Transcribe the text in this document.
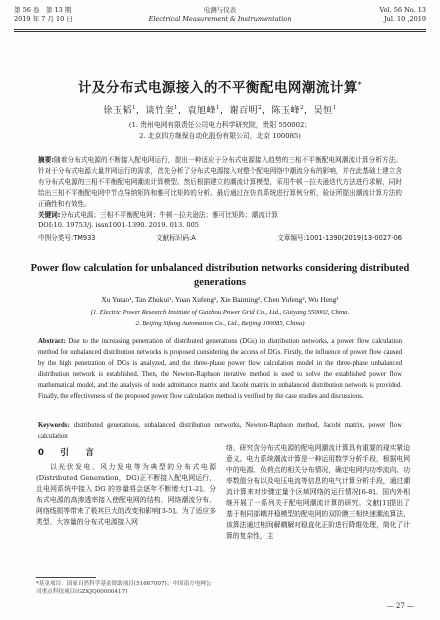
第 56 卷　第 13 期
2019 年 7 月 10 日
电测与仪表
Electrical Measurement & Instrumentation
Vol. 56 No. 13
Jul. 10 ,2019
计及分布式电源接入的不平衡配电网潮流计算*
徐玉韬$^1$，谈竹奎$^1$，袁旭峰$^1$，谢百明$^2$，陈玉峰$^2$，吴恒$^1$
(1. 贵州电网有限责任公司电力科学研究院，贵阳 550002；
2. 北京四方继保自动化股份有限公司，北京 100085)
摘要:随着分布式电源的不断接入配电网运行，提出一种适应于分布式电源接入趋势的三相不平衡配电网潮流计算分析方法。针对于分布式电源大量并网运行的需求，首先分析了分布式电源接入对整个配电网络中潮流分布的影响，并在此基础上建立含有分布式电源的三相不平衡配电网潮流计算模型。然后根据建立的潮流计算模型，采用牛顿－拉夫逊迭代方法进行求解，同时给出三相不平衡配电网中节点导纳矩阵和雅可比矩阵的分析。最后通过在仿真系统进行算例分析，验证所提出潮流计算方法的正确性和有效性。
关键词:分布式电源；三相不平衡配电网；牛顿－拉夫逊法；雅可比矩阵；潮流计算
DOI:10. 19753/j. issn1001-1390. 2019. 013. 005
中图分类号:TM933	文献标识码:A	文章编号:1001-1390(2019)13-0027-06
Power flow calculation for unbalanced distribution networks considering distributed generations
Xu Yutao¹, Tan Zhukui¹, Yuan Xufeng¹, Xie Baiming², Chen Yufeng², Wu Heng¹
(1. Electric Power Research Institute of Guizhou Power Grid Co., Ltd., Guiyang 550002, China.
2. Beijing Sifang Automation Co., Ltd., Beijing 100085, China)
Abstract: Due to the increasing penetration of distributed generations (DGs) in distribution networks, a power flow calculation method for unbalanced distribution networks is proposed considering the access of DGs. Firstly, the influence of power flow caused by the high penetration of DGs is analyzed, and the three-phase power flow calculation model in the three-phase unbalanced distribution network is established. Then, the Newton-Raphson iterative method is used to solve the established power flow mathematical model, and the analysis of node admittance matrix and Jacobi matrix in unbalanced distribution network is provided. Finally, the effectiveness of the proposed power flow calculation method is verified by the case studies and discussions.
Keywords: distributed generations, unbalanced distribution networks, Newton-Raphson method, Jacobi matrix, power flow calculation
0　引　言
以光伏发电、风力发电等为典型的分布式电源(Distributed Generation，DG)正不断接入配电网运行，且电网系统中接入 DG 的容量将会逐年不断增大[1-2]。分布式电源的高渗透率接入使配电网的结构、网络潮流分布、网络线损等带来了极其巨大的改变和影响[3-5]。为了适应多类型、大容量的分布式电源接入网
络，研究含分布式电源的配电网潮流计算具有重要的现实紧迫意义。电力系统潮流计算是一种运用数学分析手段，根据电网中的电源、负荷点的相关分布情况，确定电网内功率流向、功率数值分布以及电压电流等信息的电气计算分析手段，通过潮流计算来对步骤定量个区域网络的运行情况[6-8]。国内外相继开展了一系列关于配电网潮流计算的研究。文献[1]提出了基于相同部耦并稳模型的配电网的双阶膜三相快速潮流算法，该算法通过相间解耦解对稳直化正阶进行降维处理，简化了计算的复杂性，主
*基金项目：国家自然科学基金资助项目(51667007)；中国南方电网公司重点科技项目(GZKJQ00000417)
— 27 —
